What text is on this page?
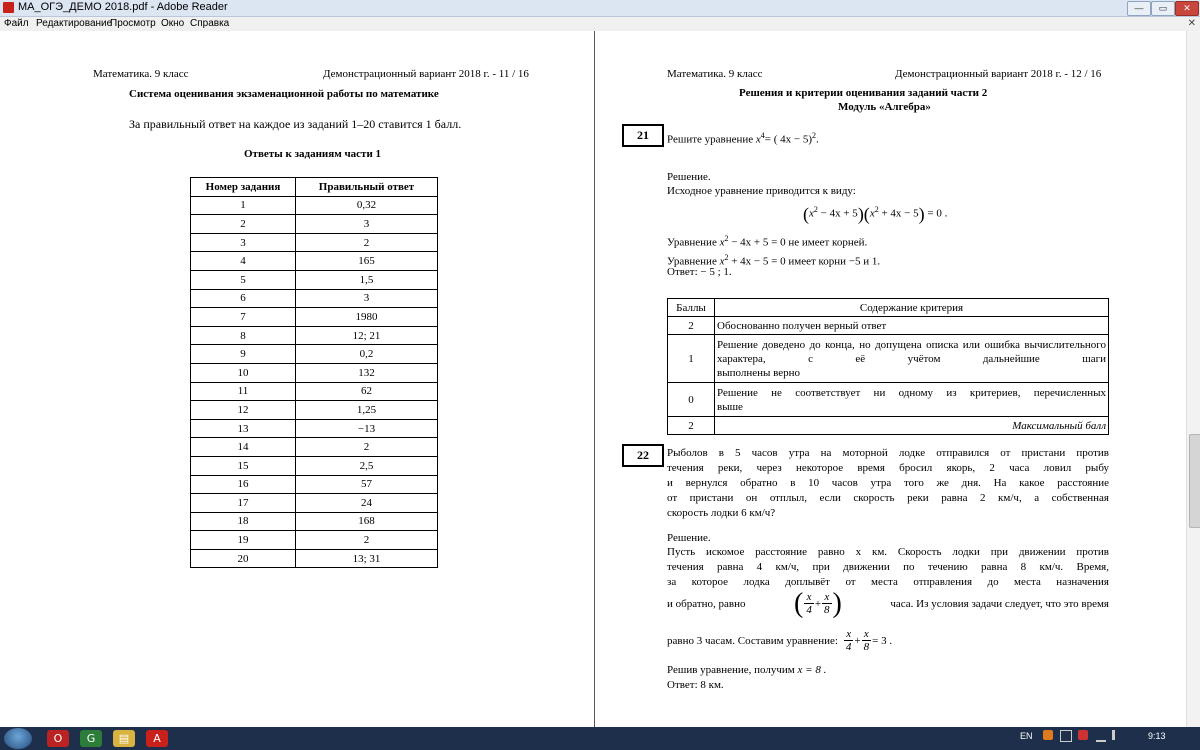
МА_ОГЭ_ДЕМО 2018.pdf - Adobe Reader	—	▭	✕
Файл Редактирование
Просмотр Окно Справка	✕
Математика. 9 класс	Демонстрационный вариант 2018 г. - 11 / 16
Система оценивания экзаменационной работы по математике
За правильный ответ на каждое из заданий 1–20 ставится 1 балл.
Ответы к заданиям части 1
Номер задания	Правильный ответ
1	0,32
2	3
3	2
4	165
5	1,5
6	3
7	1980
8	12; 21
9	0,2
10	132
11	62
12	1,25
13	−13
14	2
15	2,5
16	57
17	24
18	168
19	2
20	13; 31
Математика. 9 класс	Демонстрационный вариант 2018 г. - 12 / 16
Решения и критерии оценивания заданий части 2
Модуль «Алгебра»
21	Решите уравнение $x^4=$ ( 4x − 5)$^2$.
Решение.
Исходное уравнение приводится к виду:
$(x^2 - 4x + 5)(x^2 + 4x - 5) = 0$ .
Уравнение $x^2 - 4x + 5 = 0$ не имеет корней.
Уравнение $x^2 + 4x - 5 = 0$ имеет корни −5 и 1.
Ответ: − 5 ; 1.
Баллы	Содержание критерия
2	Обоснованно получен верный ответ
1	Решение доведено до конца, но допущена описка или ошибка вычислительного характера, с её учётом дальнейшие шаги
выполнены верно

0	Решение не соответствует ни одному из критериев, перечисленных
выше

2	Максимальный балл
22	Рыболов в 5 часов утра на моторной лодке отправился от пристани против
течения реки, через некоторое время бросил якорь, 2 часа ловил рыбу
и вернулся обратно в 10 часов утра того же дня. На какое расстояние
от пристани он отплыл, если скорость реки равна 2 км/ч, а собственная
скорость лодки 6 км/ч?
Решение.
Пусть искомое расстояние равно x км. Скорость лодки при движении против
течения равна 4 км/ч, при движении по течению равна 8 км/ч. Время,
за которое лодка доплывёт от места отправления до места назначения
и обратно, равно ( $\frac{x}{4} + \frac{x}{8}$ )	часа. Из условия задачи следует, что это время
равно 3 часам. Составим уравнение: $\frac{x}{4} + \frac{x}{8} = 3$ .
Решив уравнение, получим x = 8 .
Ответ: 8 км.
O	G	▤	A	EN	9:13
